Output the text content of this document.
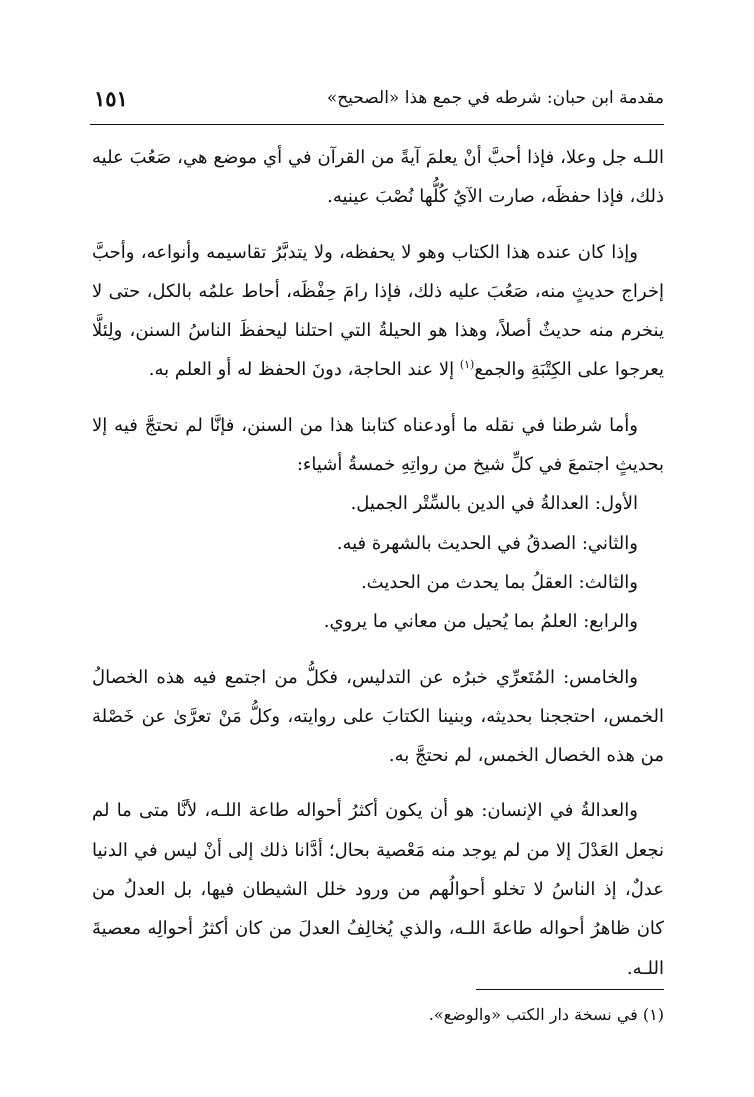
مقدمة ابن حبان: شرطه في جمع هذا «الصحيح»
١٥١

اللـه جل وعلا، فإذا أحبَّ أنْ يعلمَ آيةً من القرآن في أي موضع هي، صَعُبَ عليه ذلك، فإذا حفظَه، صارت الآيُ كُلُّها نُصْبَ عينيه.

وإذا كان عنده هذا الكتاب وهو لا يحفظه، ولا يتدبَّرُ تقاسيمه وأنواعه، وأحبَّ إخراج حديثٍ منه، صَعُبَ عليه ذلك، فإذا رامَ حِفْظَه، أحاط علمُه بالكل، حتى لا ينخرم منه حديثٌ أصلاً، وهذا هو الحيلةُ التي احتلنا ليحفظَ الناسُ السنن، ولِئلَّا يعرجوا على الكِتْبَةِ والجمع$^{(١)}$ إلا عند الحاجة، دونَ الحفظ له أو العلم به.

وأما شرطنا في نقله ما أودعناه كتابنا هذا من السنن، فإنَّا لم نحتجَّ فيه إلا بحديثٍ اجتمعَ في كلِّ شيخ من رواتِهِ خمسةُ أشياء:

الأول: العدالةُ في الدين بالسِّتْر الجميل.

والثاني: الصدقُ في الحديث بالشهرة فيه.

والثالث: العقلُ بما يحدث من الحديث.

والرابع: العلمُ بما يُحيل من معاني ما يروي.

والخامس: المُتَعرِّي خبرُه عن التدليس، فكلُّ من اجتمع فيه هذه الخصالُ الخمس، احتججنا بحديثه، وبنينا الكتابَ على روايته، وكلُّ مَنْ تعرَّىٰ عن خَصْلة من هذه الخصال الخمس، لم نحتجَّ به.

والعدالةُ في الإنسان: هو أن يكون أكثرُ أحواله طاعة اللـه، لأنَّا متى ما لم نجعل العَدْلَ إلا من لم يوجد منه مَعْصية بحال؛ أدَّانا ذلك إلى أنْ ليس في الدنيا عدلٌ، إذ الناسُ لا تخلو أحوالُهم من ورود خلل الشيطان فيها، بل العدلُ من كان ظاهرُ أحواله طاعةَ اللـه، والذي يُخالِفُ العدلَ من كان أكثرُ أحوالِه معصيةَ اللـه.

(١) في نسخة دار الكتب «والوضع».
